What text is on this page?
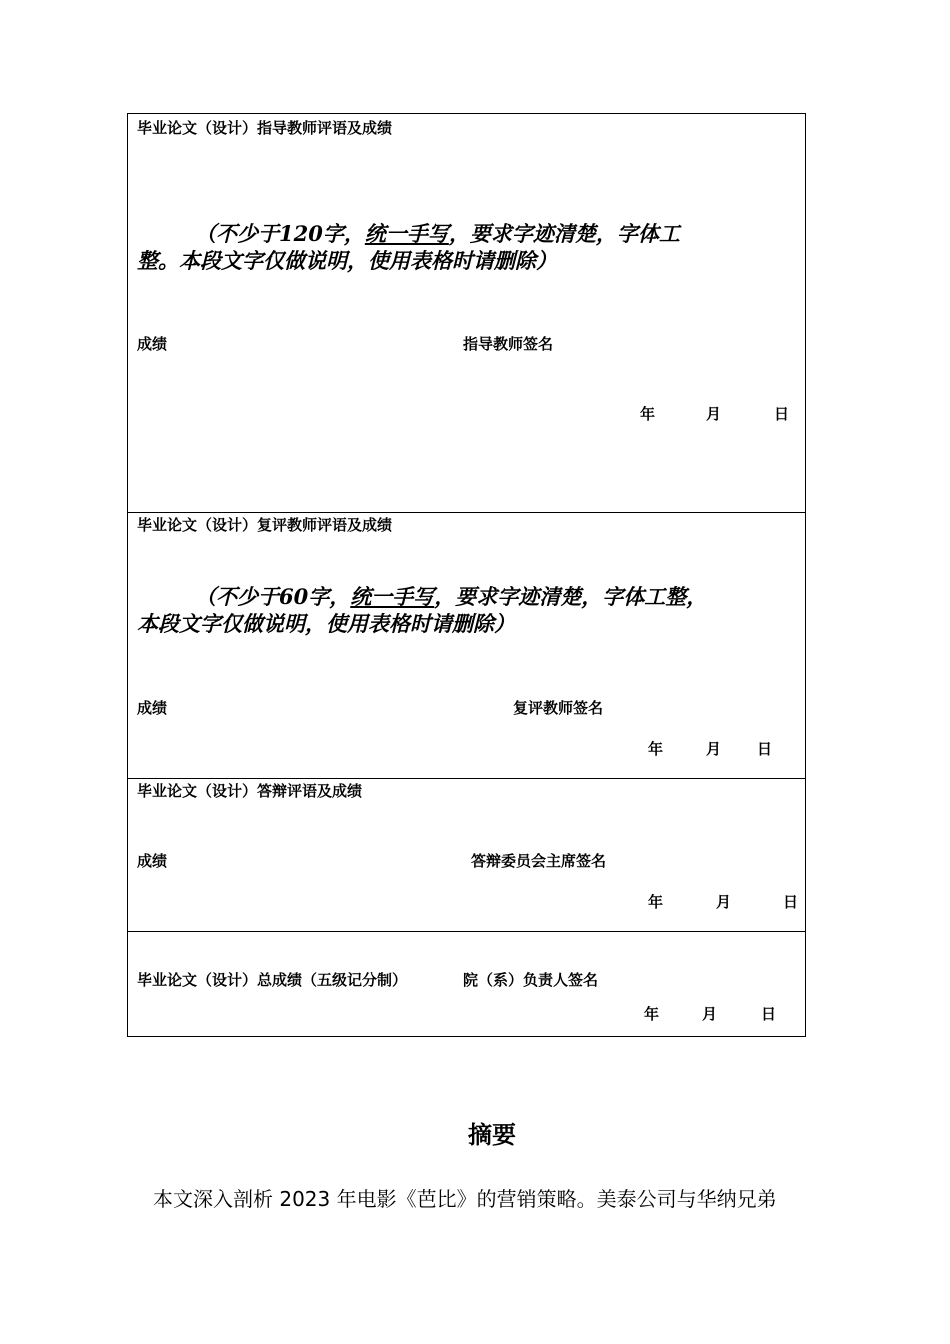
毕业论文（设计）指导教师评语及成绩
（不少于120字，统一手写，要求字迹清楚，字体工
整。本段文字仅做说明，使用表格时请删除）
成绩	指导教师签名
年	月	日
毕业论文（设计）复评教师评语及成绩
（不少于60字，统一手写，要求字迹清楚，字体工整，
本段文字仅做说明，使用表格时请删除）
成绩	复评教师签名
年	月 日
毕业论文（设计）答辩评语及成绩
成绩	答辩委员会主席签名
年	月	日
毕业论文（设计）总成绩（五级记分制）	院（系）负责人签名
年	月	日
摘要
本文深入剖析 2023 年电影《芭比》的营销策略。美泰公司与华纳兄弟
